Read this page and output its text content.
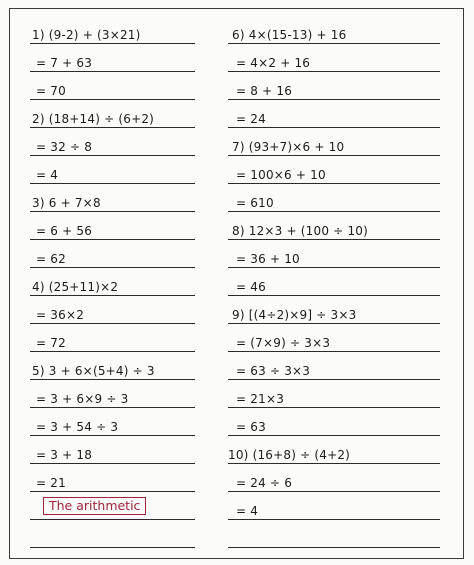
1) (9-2) + (3×21)
= 7 + 63
= 70
2) (18+14) ÷ (6+2)
= 32 ÷ 8
= 4
3) 6 + 7×8
= 6 + 56
= 62
4) (25+11)×2
= 36×2
= 72
5) 3 + 6×(5+4) ÷ 3
= 3 + 6×9 ÷ 3
= 3 + 54 ÷ 3
= 3 + 18
= 21
The arithmetic
6) 4×(15-13) + 16
= 4×2 + 16
= 8 + 16
= 24
7) (93+7)×6 + 10
= 100×6 + 10
= 610
8) 12×3 + (100 ÷ 10)
= 36 + 10
= 46
9) [(4÷2)×9] ÷ 3×3
= (7×9) ÷ 3×3
= 63 ÷ 3×3
= 21×3
= 63
10) (16+8) ÷ (4+2)
= 24 ÷ 6
= 4
